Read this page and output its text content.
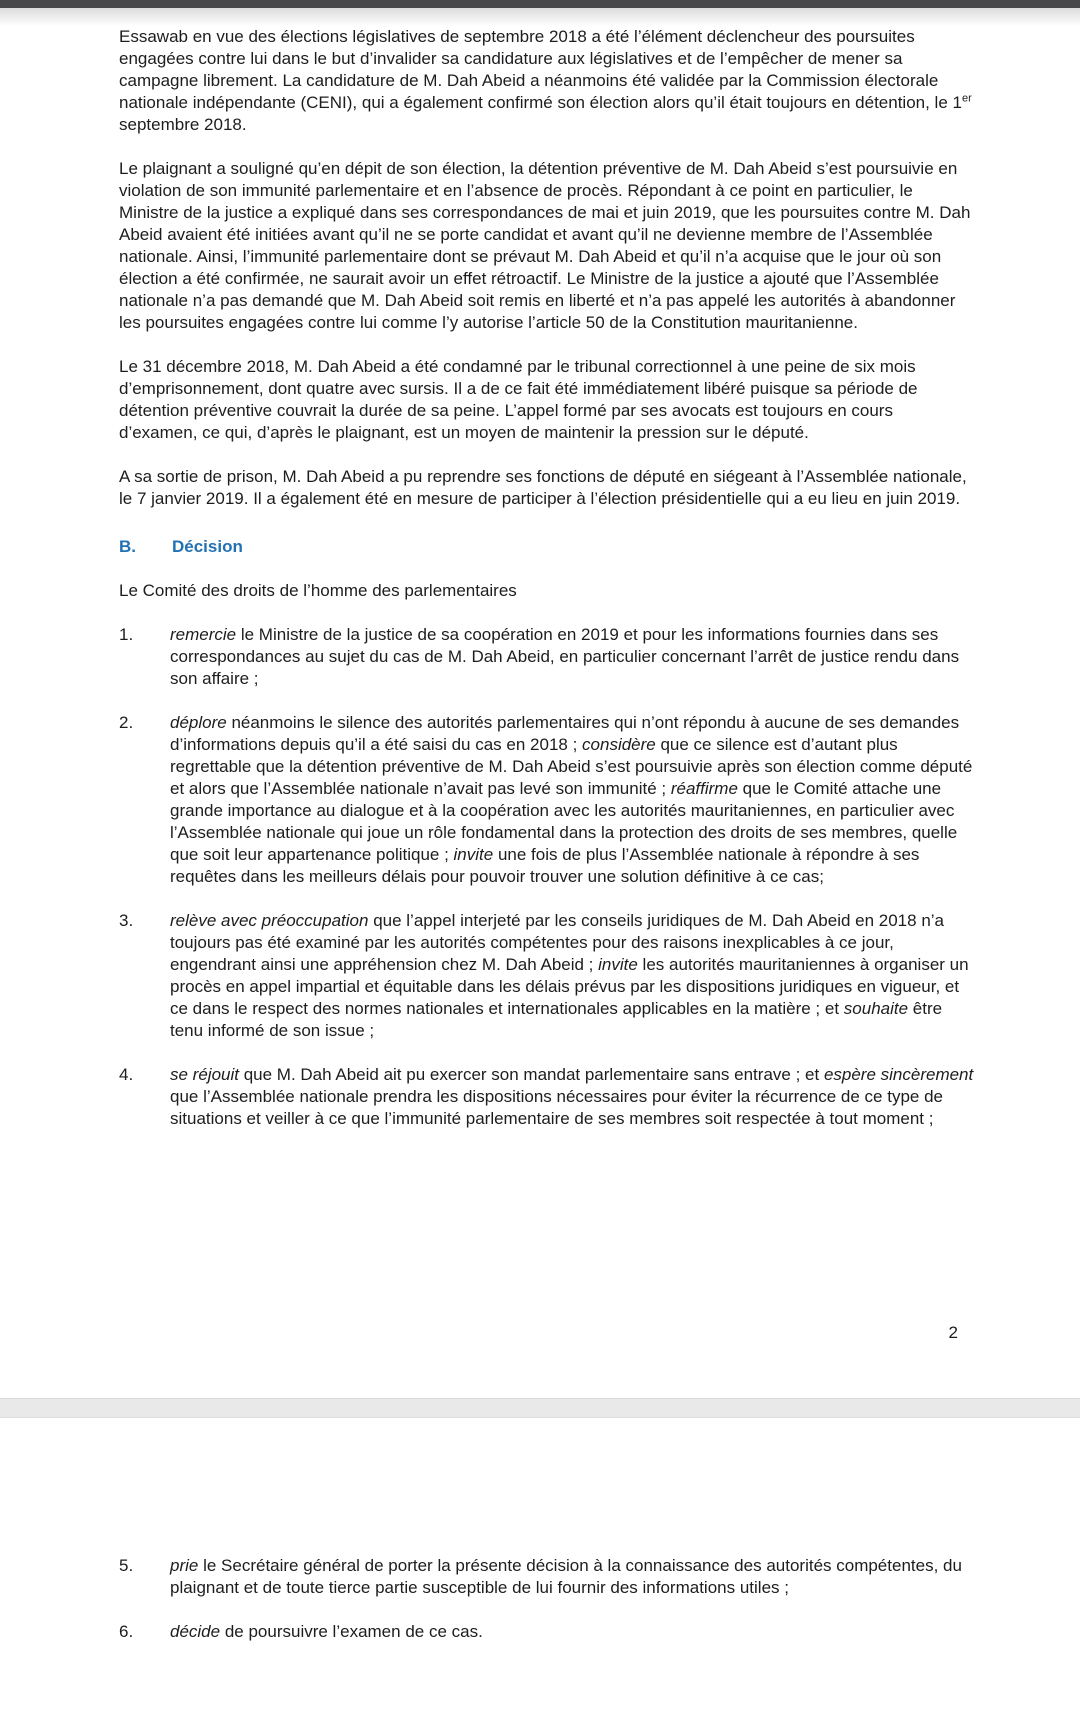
Essawab en vue des élections législatives de septembre 2018 a été l’élément déclencheur des poursuites engagées contre lui dans le but d’invalider sa candidature aux législatives et de l’empêcher de mener sa campagne librement. La candidature de M. Dah Abeid a néanmoins été validée par la Commission électorale nationale indépendante (CENI), qui a également confirmé son élection alors qu’il était toujours en détention, le 1er septembre 2018.

Le plaignant a souligné qu’en dépit de son élection, la détention préventive de M. Dah Abeid s’est poursuivie en violation de son immunité parlementaire et en l’absence de procès. Répondant à ce point en particulier, le Ministre de la justice a expliqué dans ses correspondances de mai et juin 2019, que les poursuites contre M. Dah Abeid avaient été initiées avant qu’il ne se porte candidat et avant qu’il ne devienne membre de l’Assemblée nationale. Ainsi, l’immunité parlementaire dont se prévaut M. Dah Abeid et qu’il n’a acquise que le jour où son élection a été confirmée, ne saurait avoir un effet rétroactif. Le Ministre de la justice a ajouté que l’Assemblée nationale n’a pas demandé que M. Dah Abeid soit remis en liberté et n’a pas appelé les autorités à abandonner les poursuites engagées contre lui comme l’y autorise l’article 50 de la Constitution mauritanienne.

Le 31 décembre 2018, M. Dah Abeid a été condamné par le tribunal correctionnel à une peine de six mois d’emprisonnement, dont quatre avec sursis. Il a de ce fait été immédiatement libéré puisque sa période de détention préventive couvrait la durée de sa peine. L’appel formé par ses avocats est toujours en cours d’examen, ce qui, d’après le plaignant, est un moyen de maintenir la pression sur le député.

A sa sortie de prison, M. Dah Abeid a pu reprendre ses fonctions de député en siégeant à l’Assemblée nationale, le 7 janvier 2019. Il a également été en mesure de participer à l’élection présidentielle qui a eu lieu en juin 2019.

B. Décision

Le Comité des droits de l’homme des parlementaires

1.	remercie le Ministre de la justice de sa coopération en 2019 et pour les informations fournies dans ses correspondances au sujet du cas de M. Dah Abeid, en particulier concernant l’arrêt de justice rendu dans son affaire ;
2.	déplore néanmoins le silence des autorités parlementaires qui n’ont répondu à aucune de ses demandes d’informations depuis qu’il a été saisi du cas en 2018 ; considère que ce silence est d’autant plus regrettable que la détention préventive de M. Dah Abeid s’est poursuivie après son élection comme député et alors que l’Assemblée nationale n’avait pas levé son immunité ; réaffirme que le Comité attache une grande importance au dialogue et à la coopération avec les autorités mauritaniennes, en particulier avec l’Assemblée nationale qui joue un rôle fondamental dans la protection des droits de ses membres, quelle que soit leur appartenance politique ; invite une fois de plus l’Assemblée nationale à répondre à ses requêtes dans les meilleurs délais pour pouvoir trouver une solution définitive à ce cas;
3.	relève avec préoccupation que l’appel interjeté par les conseils juridiques de M. Dah Abeid en 2018 n’a toujours pas été examiné par les autorités compétentes pour des raisons inexplicables à ce jour, engendrant ainsi une appréhension chez M. Dah Abeid ; invite les autorités mauritaniennes à organiser un procès en appel impartial et équitable dans les délais prévus par les dispositions juridiques en vigueur, et ce dans le respect des normes nationales et internationales applicables en la matière ; et souhaite être tenu informé de son issue ;
4.	se réjouit que M. Dah Abeid ait pu exercer son mandat parlementaire sans entrave ; et espère sincèrement que l’Assemblée nationale prendra les dispositions nécessaires pour éviter la récurrence de ce type de situations et veiller à ce que l’immunité parlementaire de ses membres soit respectée à tout moment ;
2
5.	prie le Secrétaire général de porter la présente décision à la connaissance des autorités compétentes, du plaignant et de toute tierce partie susceptible de lui fournir des informations utiles ;
6.	décide de poursuivre l’examen de ce cas.
